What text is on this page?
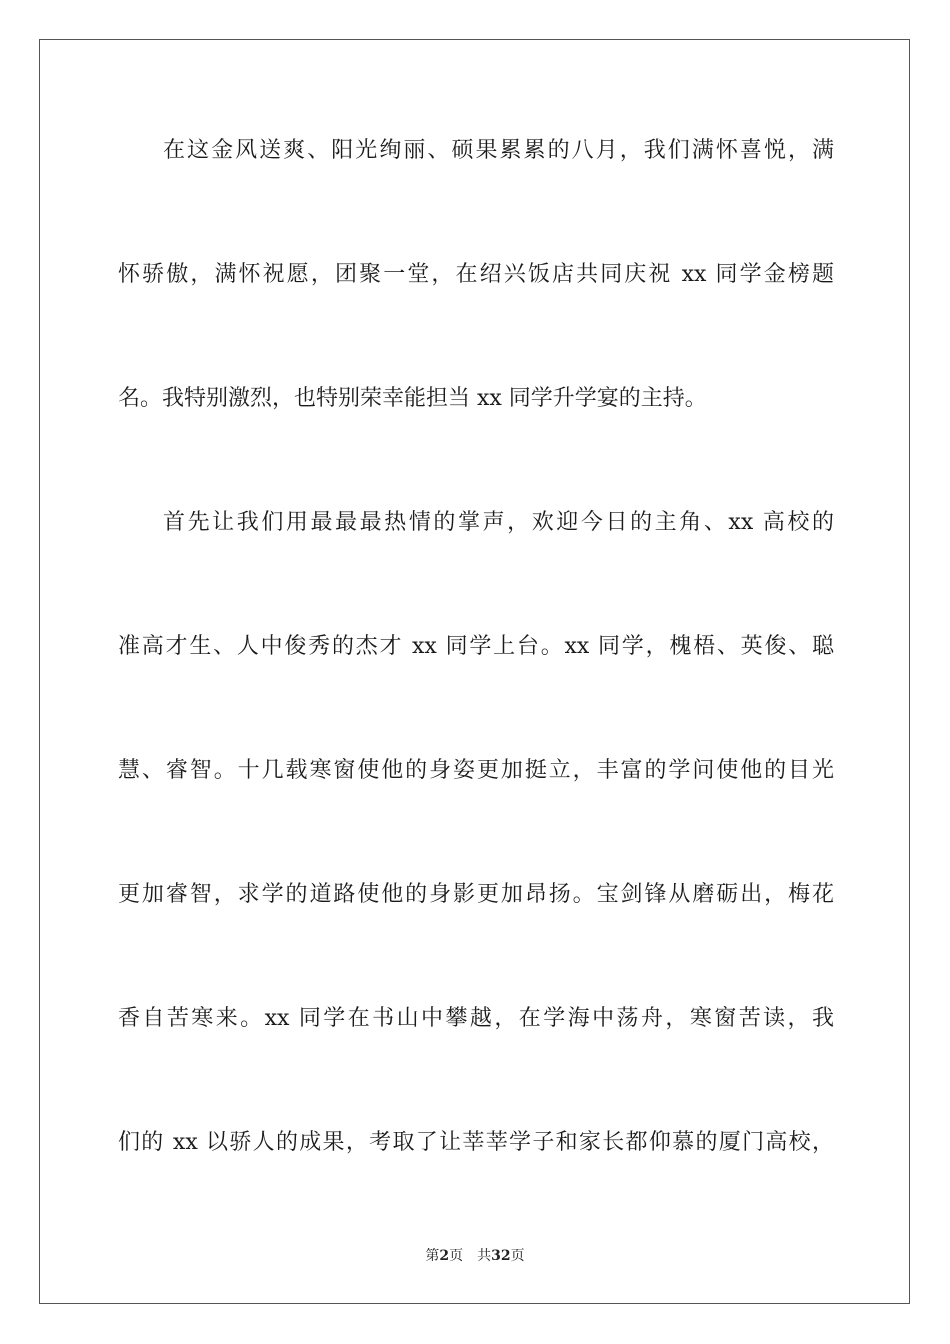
在这金风送爽、阳光绚丽、硕果累累的八月，我们满怀喜悦，满
怀骄傲，满怀祝愿，团聚一堂，在绍兴饭店共同庆祝 xx 同学金榜题
名。我特别激烈，也特别荣幸能担当 xx 同学升学宴的主持。
首先让我们用最最最热情的掌声，欢迎今日的主角、xx 高校的
准高才生、人中俊秀的杰才 xx 同学上台。xx 同学，槐梧、英俊、聪
慧、睿智。十几载寒窗使他的身姿更加挺立，丰富的学问使他的目光
更加睿智，求学的道路使他的身影更加昂扬。宝剑锋从磨砺出，梅花
香自苦寒来。xx 同学在书山中攀越，在学海中荡舟，寒窗苦读，我
们的 xx 以骄人的成果，考取了让莘莘学子和家长都仰慕的厦门高校，
第2页 共32页
